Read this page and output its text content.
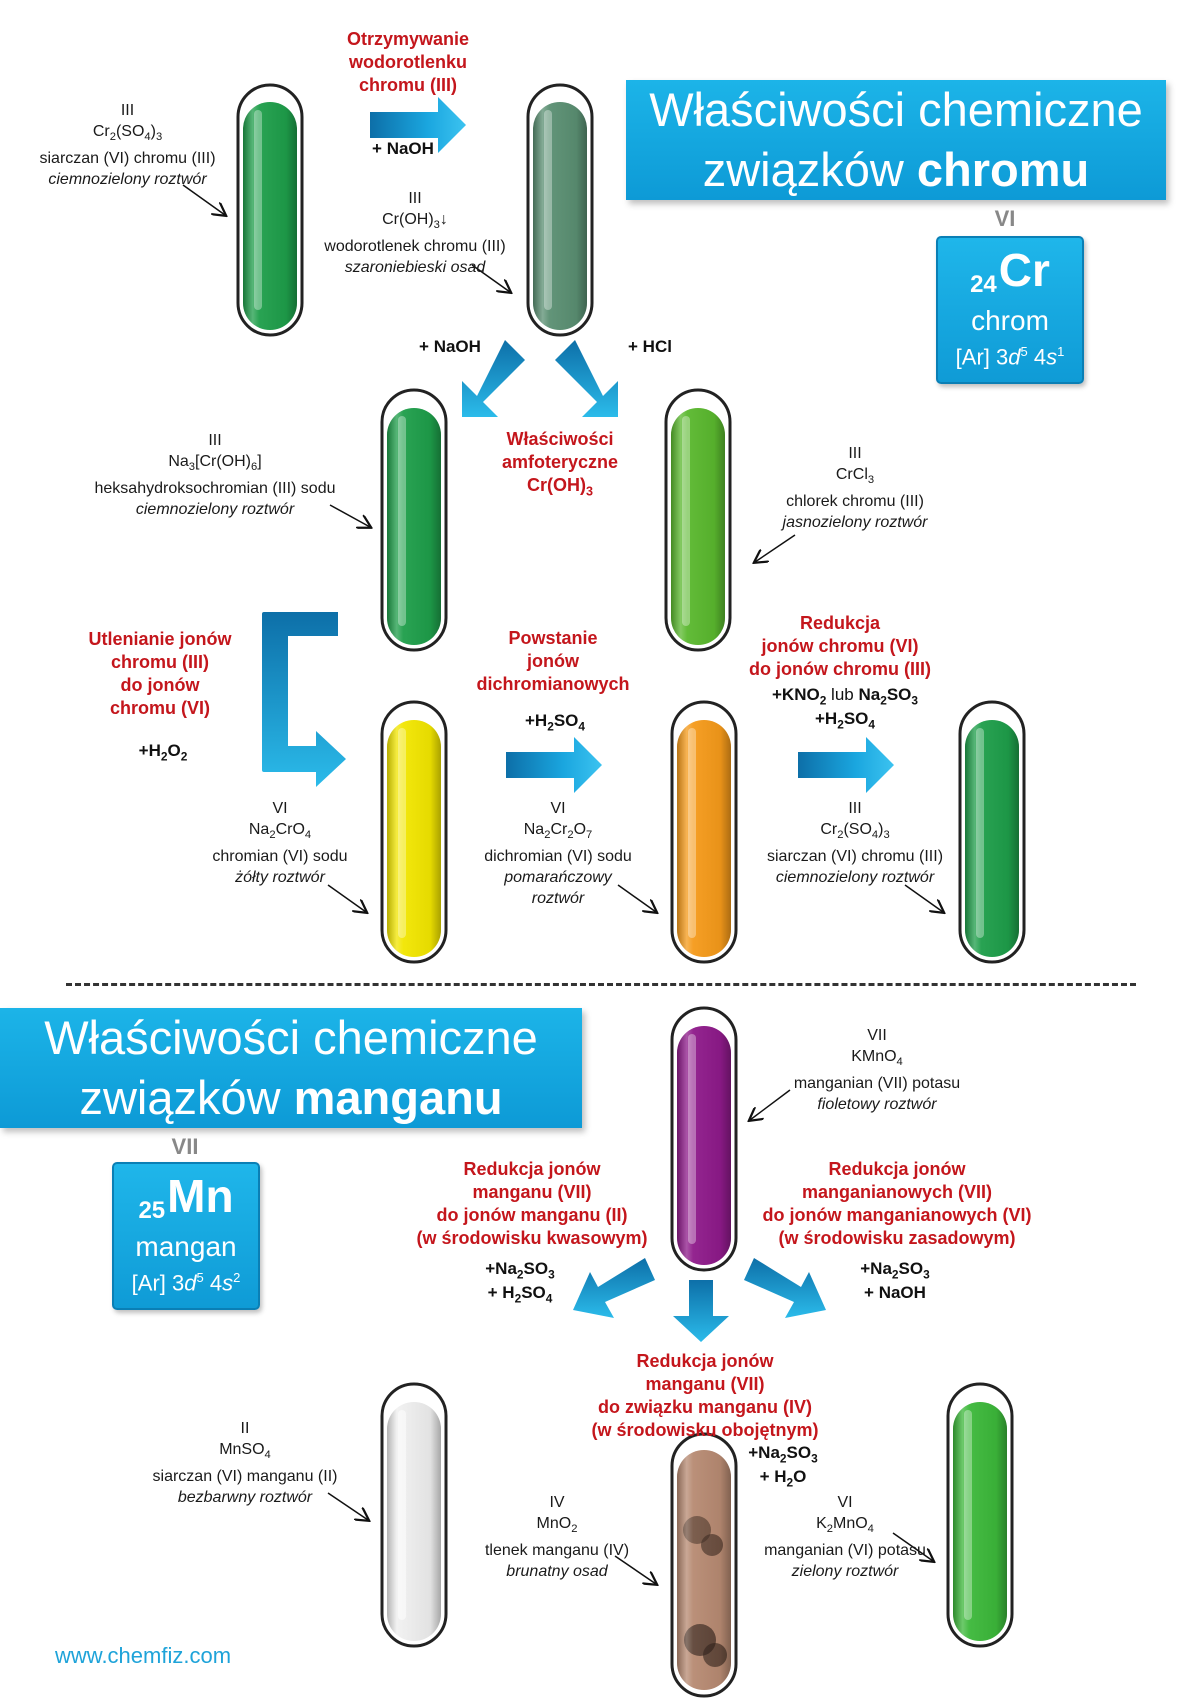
Właściwości chemiczne
związków chromu
VI
$_{24}$Cr
chrom
[Ar] $3d^5$ $4s^1$
Otrzymywanie
wodorotlenku
chromu (III)
+ NaOH
III
$Cr_2(SO_4)_3$
siarczan (VI) chromu (III)
ciemnozielony roztwór
III
$Cr(OH)_3↓$
wodorotlenek chromu (III)
szaroniebieski osad
+ NaOH	+ HCl
Właściwości
amfoteryczne
$Cr(OH)_3$
III
$Na_3[Cr(OH)_6]$
heksahydroksochromian (III) sodu
ciemnozielony roztwór
III
CrCl$_3$
chlorek chromu (III)
jasnozielony roztwór
Utlenianie jonów
chromu (III)
do jonów
chromu (VI)
$+H_2O_2$
Powstanie
jonów
dichromianowych
$+H_2SO_4$
Redukcja
jonów chromu (VI)
do jonów chromu (III)
$+KNO_2$ lub $Na_2SO_3$
$+H_2SO_4$
VI
$Na_2CrO_4$
chromian (VI) sodu
żółty roztwór
VI
$Na_2Cr_2O_7$
dichromian (VI) sodu
pomarańczowy
roztwór
III
$Cr_2(SO_4)_3$
siarczan (VI) chromu (III)
ciemnozielony roztwór
Właściwości chemiczne
związków manganu
VII
$_{25}$Mn
mangan
[Ar] $3d^5$ $4s^2$
VII
KMnO$_4$
manganian (VII) potasu
fioletowy roztwór
Redukcja jonów
manganu (VII)
do jonów manganu (II)
(w środowisku kwasowym)
$+Na_2SO_3$
+ $H_2SO_4$
Redukcja jonów
manganianowych (VII)
do jonów manganianowych (VI)
(w środowisku zasadowym)
$+Na_2SO_3$
+ NaOH
Redukcja jonów
manganu (VII)
do związku manganu (IV)
(w środowisku obojętnym)
$+Na_2SO_3$
+ $H_2O$
II
MnSO$_4$
siarczan (VI) manganu (II)
bezbarwny roztwór	IV
MnO$_2$
tlenek manganu (IV)
brunatny osad
VI
$K_2MnO_4$
manganian (VI) potasu
zielony roztwór
www.chemfiz.com
